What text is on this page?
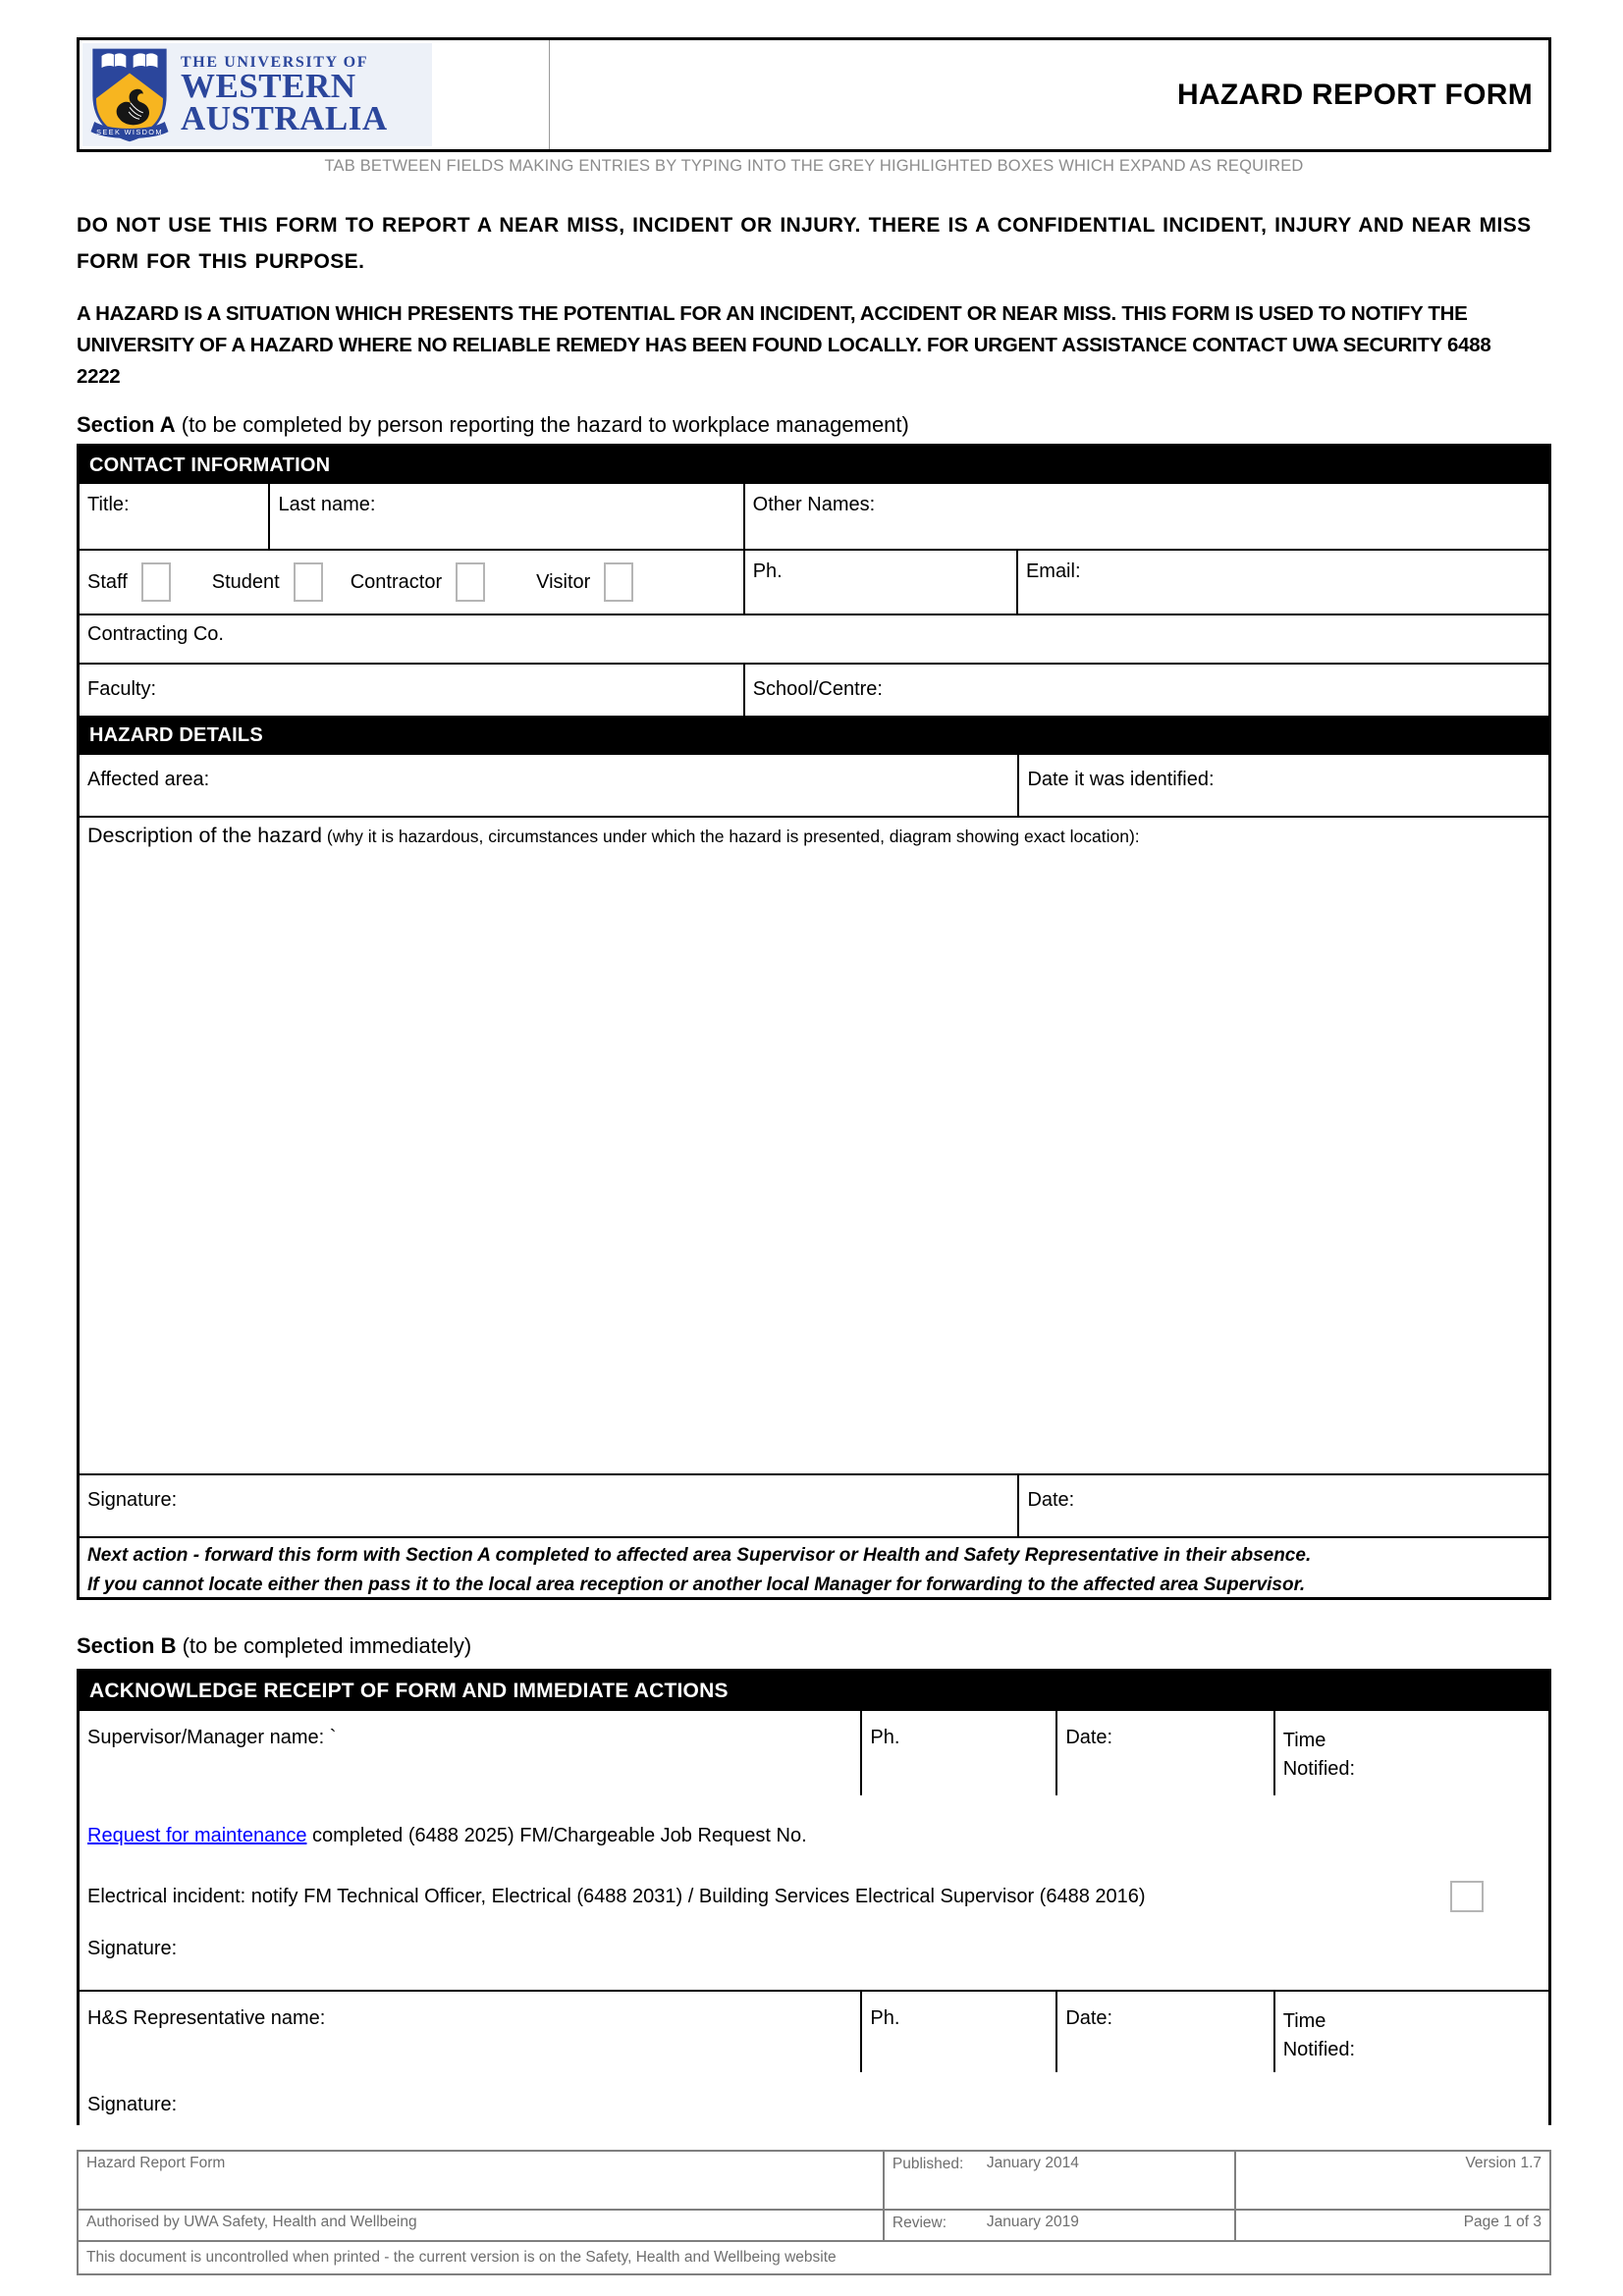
SEEK WISDOM
THE UNIVERSITY OF
WESTERN
AUSTRALIA
HAZARD REPORT FORM
TAB BETWEEN FIELDS MAKING ENTRIES BY TYPING INTO THE GREY HIGHLIGHTED BOXES WHICH EXPAND AS REQUIRED

DO NOT USE THIS FORM TO REPORT A NEAR MISS, INCIDENT OR INJURY. THERE IS A CONFIDENTIAL INCIDENT, INJURY AND NEAR MISS FORM FOR THIS PURPOSE.

A HAZARD IS A SITUATION WHICH PRESENTS THE POTENTIAL FOR AN INCIDENT, ACCIDENT OR NEAR MISS. THIS FORM IS USED TO NOTIFY THE UNIVERSITY OF A HAZARD WHERE NO RELIABLE REMEDY HAS BEEN FOUND LOCALLY. FOR URGENT ASSISTANCE CONTACT UWA SECURITY 6488 2222

Section A (to be completed by person reporting the hazard to workplace management)
CONTACT INFORMATION
Title:	Last name:	Other Names:
Staff	Student	Contractor	Visitor	Ph.	Email:
Contracting Co.
Faculty:	School/Centre:
HAZARD DETAILS
Affected area:	Date it was identified:
Description of the hazard (why it is hazardous, circumstances under which the hazard is presented, diagram showing exact location):
Signature:	Date:
Next action - forward this form with Section A completed to affected area Supervisor or Health and Safety Representative in their absence.
If you cannot locate either then pass it to the local area reception or another local Manager for forwarding to the affected area Supervisor.
Section B (to be completed immediately)
ACKNOWLEDGE RECEIPT OF FORM AND IMMEDIATE ACTIONS
Supervisor/Manager name: `	Ph.	Date:	Time Notified:
Request for maintenance completed (6488 2025) FM/Chargeable Job Request No.
Electrical incident: notify FM Technical Officer, Electrical (6488 2031) / Building Services Electrical Supervisor (6488 2016)
Signature:
H&S Representative name:	Ph.	Date:	Time Notified:
Signature:
Hazard Report Form	Published: January 2014	Version 1.7
Authorised by UWA Safety, Health and Wellbeing	Review:	January 2019	Page 1 of 3
This document is uncontrolled when printed - the current version is on the Safety, Health and Wellbeing website
